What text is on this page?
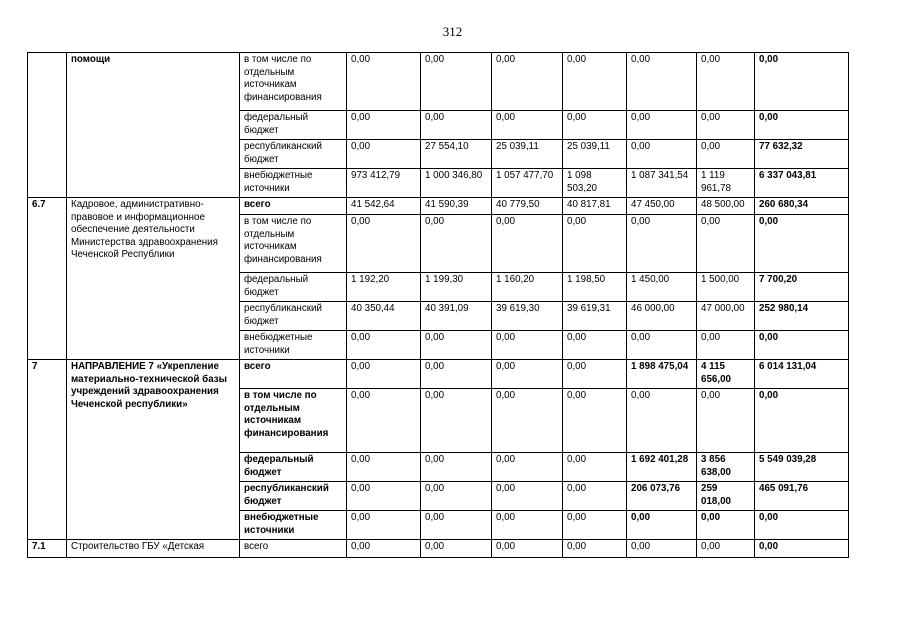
312
	помощи	в том числе по отдельным источникам финансирования	0,00	0,00	0,00	0,00	0,00	0,00	0,00
		федеральный бюджет	0,00	0,00	0,00	0,00	0,00	0,00	0,00
		республиканский бюджет	0,00	27 554,10	25 039,11	25 039,11	0,00	0,00	77 632,32
		внебюджетные источники	973 412,79	1 000 346,80	1 057 477,70	1 098 503,20	1 087 341,54	1 119 961,78	6 337 043,81
6.7	Кадровое, административно-правовое и информационное обеспечение деятельности Министерства здравоохранения Чеченской Республики	всего	41 542,64	41 590,39	40 779,50	40 817,81	47 450,00	48 500,00	260 680,34
		в том числе по отдельным источникам финансирования	0,00	0,00	0,00	0,00	0,00	0,00	0,00
		федеральный бюджет	1 192,20	1 199,30	1 160,20	1 198,50	1 450,00	1 500,00	7 700,20
		республиканский бюджет	40 350,44	40 391,09	39 619,30	39 619,31	46 000,00	47 000,00	252 980,14
		внебюджетные источники	0,00	0,00	0,00	0,00	0,00	0,00	0,00
7	НАПРАВЛЕНИЕ 7 «Укрепление материально-технической базы учреждений здравоохранения Чеченской республики»	всего	0,00	0,00	0,00	0,00	1 898 475,04	4 115 656,00	6 014 131,04
		в том числе по отдельным источникам финансирования	0,00	0,00	0,00	0,00	0,00	0,00	0,00
		федеральный бюджет	0,00	0,00	0,00	0,00	1 692 401,28	3 856 638,00	5 549 039,28
		республиканский бюджет	0,00	0,00	0,00	0,00	206 073,76	259 018,00	465 091,76
		внебюджетные источники	0,00	0,00	0,00	0,00	0,00	0,00	0,00
7.1	Строительство ГБУ «Детская	всего	0,00	0,00	0,00	0,00	0,00	0,00	0,00
